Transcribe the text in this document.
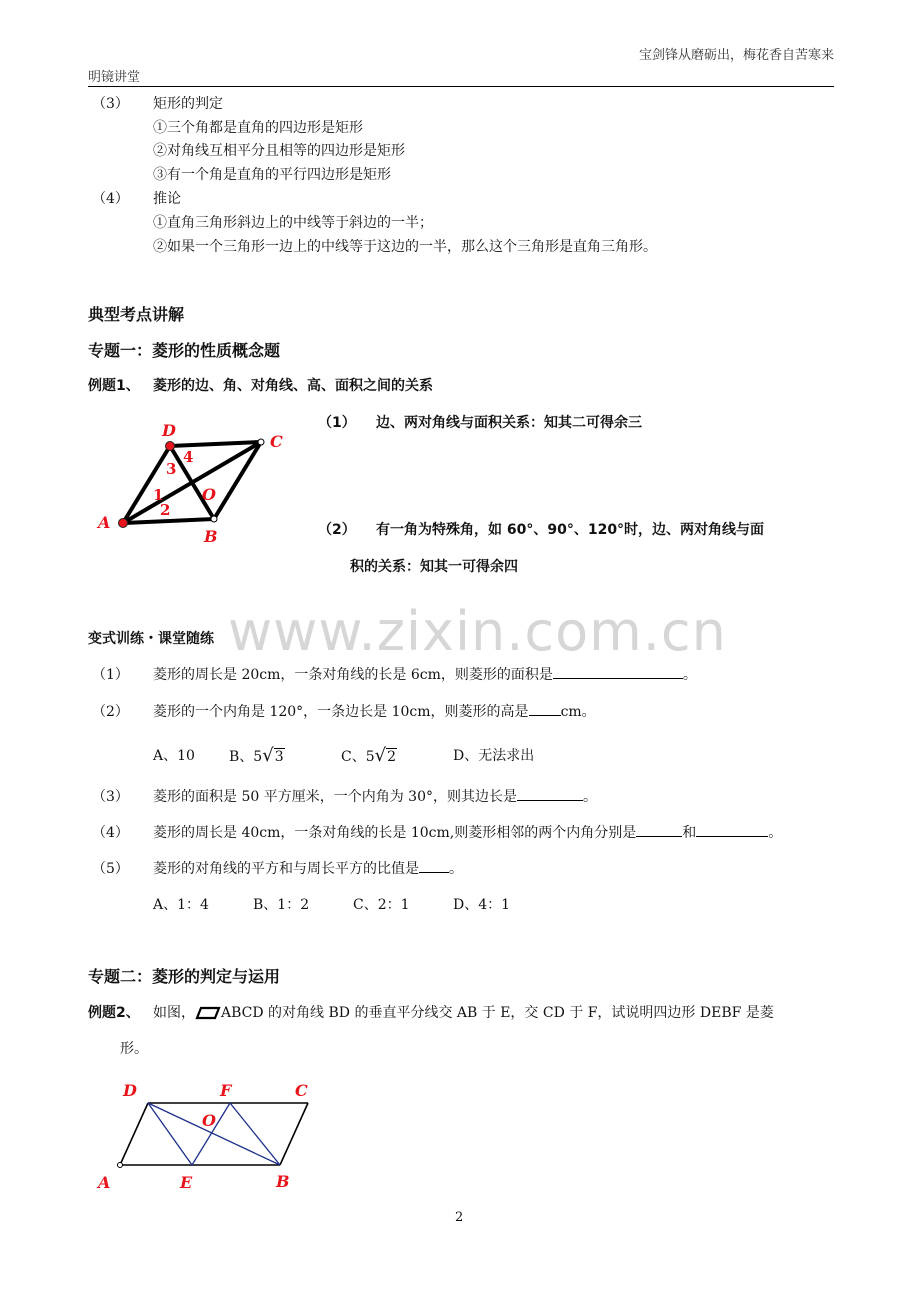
宝剑锋从磨砺出，梅花香自苦寒来
明镜讲堂
（3） 矩形的判定
①三个角都是直角的四边形是矩形
②对角线互相平分且相等的四边形是矩形
③有一个角是直角的平行四边形是矩形
（4） 推论
①直角三角形斜边上的中线等于斜边的一半；
②如果一个三角形一边上的中线等于这边的一半，那么这个三角形是直角三角形。
典型考点讲解
专题一：菱形的性质概念题
例题1、 菱形的边、角、对角线、高、面积之间的关系
A
D
C
B
O
1
2
3
4
（1） 边、两对角线与面积关系：知其二可得余三
（2） 有一角为特殊角，如 60°、90°、120°时，边、两对角线与面
积的关系：知其一可得余四
www.zixin.com.cn
变式训练・课堂随练
（1） 菱形的周长是 20cm，一条对角线的长是 6cm，则菱形的面积是	。
（2） 菱形的一个内角是 120°，一条边长是 10cm，则菱形的高是 cm。
A、10 B、5√3	C、5√2	D、无法求出
（3） 菱形的面积是 50 平方厘米，一个内角为 30°，则其边长是	。
（4） 菱形的周长是 40cm，一条对角线的长是 10cm,则菱形相邻的两个内角分别是	和	。
（5） 菱形的对角线的平方和与周长平方的比值是 。
A、1：4	B、1：2	C、2：1	D、4：1
专题二：菱形的判定与运用
例题2、 如图， ABCD 的对角线 BD 的垂直平分线交 AB 于 E，交 CD 于 F，试说明四边形 DEBF 是菱
形。
A
D	F	C
O
E	B
2
